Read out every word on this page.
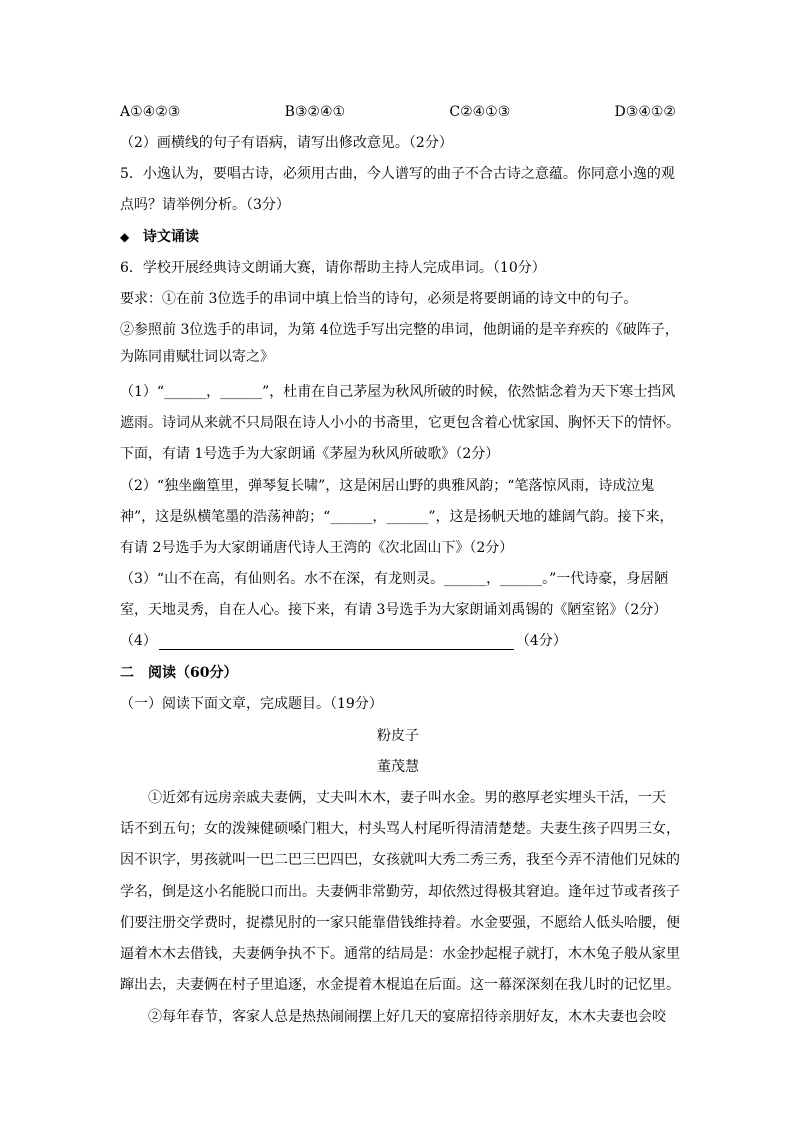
A①④②③	B③②④①	C②④①③	D③④①②
（2）画横线的句子有语病，请写出修改意见。（2分）
5．小逸认为，要唱古诗，必须用古曲，今人谱写的曲子不合古诗之意蕴。你同意小逸的观
点吗？请举例分析。（3分）
◆ 诗文诵读
6．学校开展经典诗文朗诵大赛，请你帮助主持人完成串词。（10分）
要求：①在前 3位选手的串词中填上恰当的诗句，必须是将要朗诵的诗文中的句子。
②参照前 3位选手的串词，为第 4位选手写出完整的串词，他朗诵的是辛弃疾的《破阵子，
为陈同甫赋壮词以寄之》
（1）“______，______”，杜甫在自己茅屋为秋风所破的时候，依然惦念着为天下寒士挡风
遮雨。诗词从来就不只局限在诗人小小的书斋里，它更包含着心忧家国、胸怀天下的情怀。
下面，有请 1号选手为大家朗诵《茅屋为秋风所破歌》（2分）
（2）“独坐幽篁里，弹琴复长啸”，这是闲居山野的典雅风韵；“笔落惊风雨，诗成泣鬼
神”，这是纵横笔墨的浩荡神韵；“______，______”，这是扬帆天地的雄阔气韵。接下来，
有请 2号选手为大家朗诵唐代诗人王湾的《次北固山下》（2分）
（3）“山不在高，有仙则名。水不在深，有龙则灵。______，______。”一代诗豪，身居陋
室，天地灵秀，自在人心。接下来，有请 3号选手为大家朗诵刘禹锡的《陋室铭》（2分）
（4）	（4分）
二　阅读（60分）
（一）阅读下面文章，完成题目。（19分）
粉皮子
董茂慧
①近郊有远房亲戚夫妻俩，丈夫叫木木，妻子叫水金。男的憨厚老实埋头干活，一天
话不到五句；女的泼辣健硕嗓门粗大，村头骂人村尾听得清清楚楚。夫妻生孩子四男三女，
因不识字，男孩就叫一巴二巴三巴四巴，女孩就叫大秀二秀三秀，我至今弄不清他们兄妹的
学名，倒是这小名能脱口而出。夫妻俩非常勤劳，却依然过得极其窘迫。逢年过节或者孩子
们要注册交学费时，捉襟见肘的一家只能靠借钱维持着。水金要强，不愿给人低头哈腰，便
逼着木木去借钱，夫妻俩争执不下。通常的结局是：水金抄起棍子就打，木木兔子般从家里
蹿出去，夫妻俩在村子里追逐，水金提着木棍追在后面。这一幕深深刻在我儿时的记忆里。
②每年春节，客家人总是热热闹闹摆上好几天的宴席招待亲朋好友，木木夫妻也会咬
